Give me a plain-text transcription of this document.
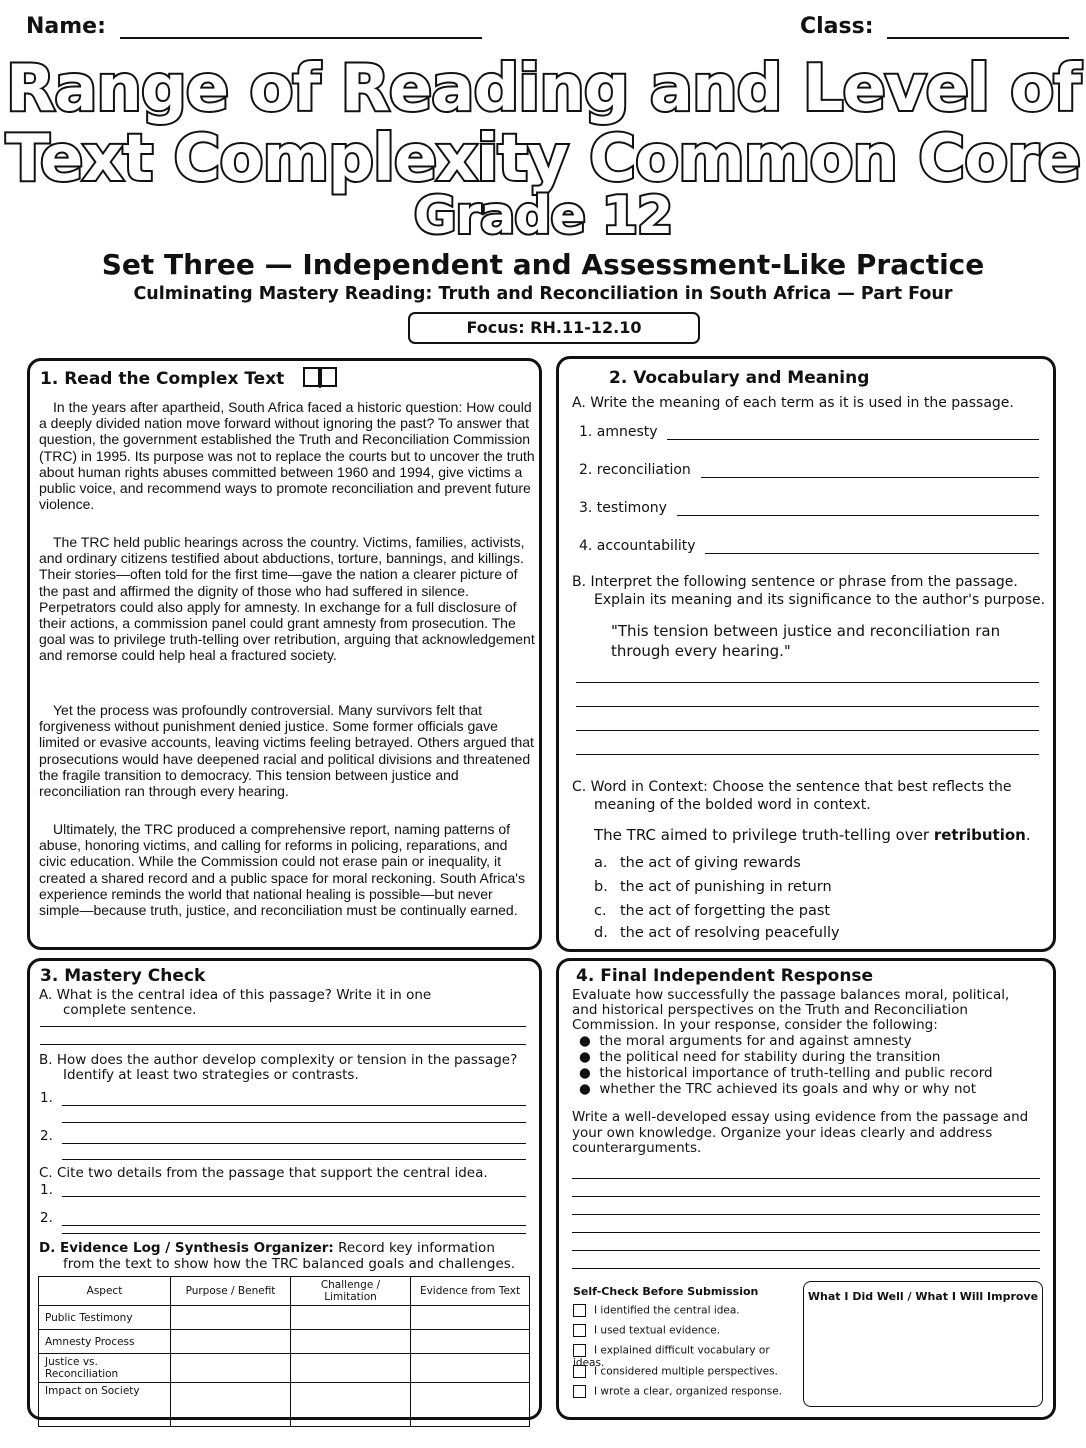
Name:	Class:
Range of Reading and Level of
Text Complexity Common Core
Grade 12
Set Three — Independent and Assessment-Like Practice
Culminating Mastery Reading: Truth and Reconciliation in South Africa — Part Four
Focus: RH.11-12.10
1. Read the Complex Text
In the years after apartheid, South Africa faced a historic question: How could a deeply divided nation move forward without ignoring the past? To answer that question, the government established the Truth and Reconciliation Commission (TRC) in 1995. Its purpose was not to replace the courts but to uncover the truth about human rights abuses committed between 1960 and 1994, give victims a public voice, and recommend ways to promote reconciliation and prevent future violence.
The TRC held public hearings across the country. Victims, families, activists, and ordinary citizens testified about abductions, torture, bannings, and killings. Their stories—often told for the first time—gave the nation a clearer picture of the past and affirmed the dignity of those who had suffered in silence. Perpetrators could also apply for amnesty. In exchange for a full disclosure of their actions, a commission panel could grant amnesty from prosecution. The goal was to privilege truth-telling over retribution, arguing that acknowledgement and remorse could help heal a fractured society.
Yet the process was profoundly controversial. Many survivors felt that forgiveness without punishment denied justice. Some former officials gave limited or evasive accounts, leaving victims feeling betrayed. Others argued that prosecutions would have deepened racial and political divisions and threatened the fragile transition to democracy. This tension between justice and reconciliation ran through every hearing.
Ultimately, the TRC produced a comprehensive report, naming patterns of abuse, honoring victims, and calling for reforms in policing, reparations, and civic education. While the Commission could not erase pain or inequality, it created a shared record and a public space for moral reckoning. South Africa's experience reminds the world that national healing is possible—but never simple—because truth, justice, and reconciliation must be continually earned.
2. Vocabulary and Meaning
A. Write the meaning of each term as it is used in the passage.
1. amnesty
2. reconciliation
3. testimony
4. accountability
B. Interpret the following sentence or phrase from the passage.
Explain its meaning and its significance to the author's purpose.
"This tension between justice and reconciliation ran
through every hearing."
C. Word in Context: Choose the sentence that best reflects the
meaning of the bolded word in context.
The TRC aimed to privilege truth-telling over retribution.
a. the act of giving rewards
b. the act of punishing in return
c. the act of forgetting the past
d. the act of resolving peacefully
3. Mastery Check
A. What is the central idea of this passage? Write it in one
complete sentence.
B. How does the author develop complexity or tension in the passage?
Identify at least two strategies or contrasts.
1.
2.
C. Cite two details from the passage that support the central idea.
1.
2.
D. Evidence Log / Synthesis Organizer: Record key information
from the text to show how the TRC balanced goals and challenges.
Aspect	Purpose / Benefit	Challenge / Limitation	Evidence from Text
Public Testimony			
Amnesty Process			
Justice vs. Reconciliation			
Impact on Society			
4. Final Independent Response
Evaluate how successfully the passage balances moral, political,
and historical perspectives on the Truth and Reconciliation
Commission. In your response, consider the following:
●  the moral arguments for and against amnesty
●  the political need for stability during the transition
●  the historical importance of truth-telling and public record
●  whether the TRC achieved its goals and why or why not
Write a well-developed essay using evidence from the passage and
your own knowledge. Organize your ideas clearly and address
counterarguments.
Self-Check Before Submission
I identified the central idea.
I used textual evidence.
I explained difficult vocabulary or ideas.
I considered multiple perspectives.
I wrote a clear, organized response.
What I Did Well / What I Will Improve
